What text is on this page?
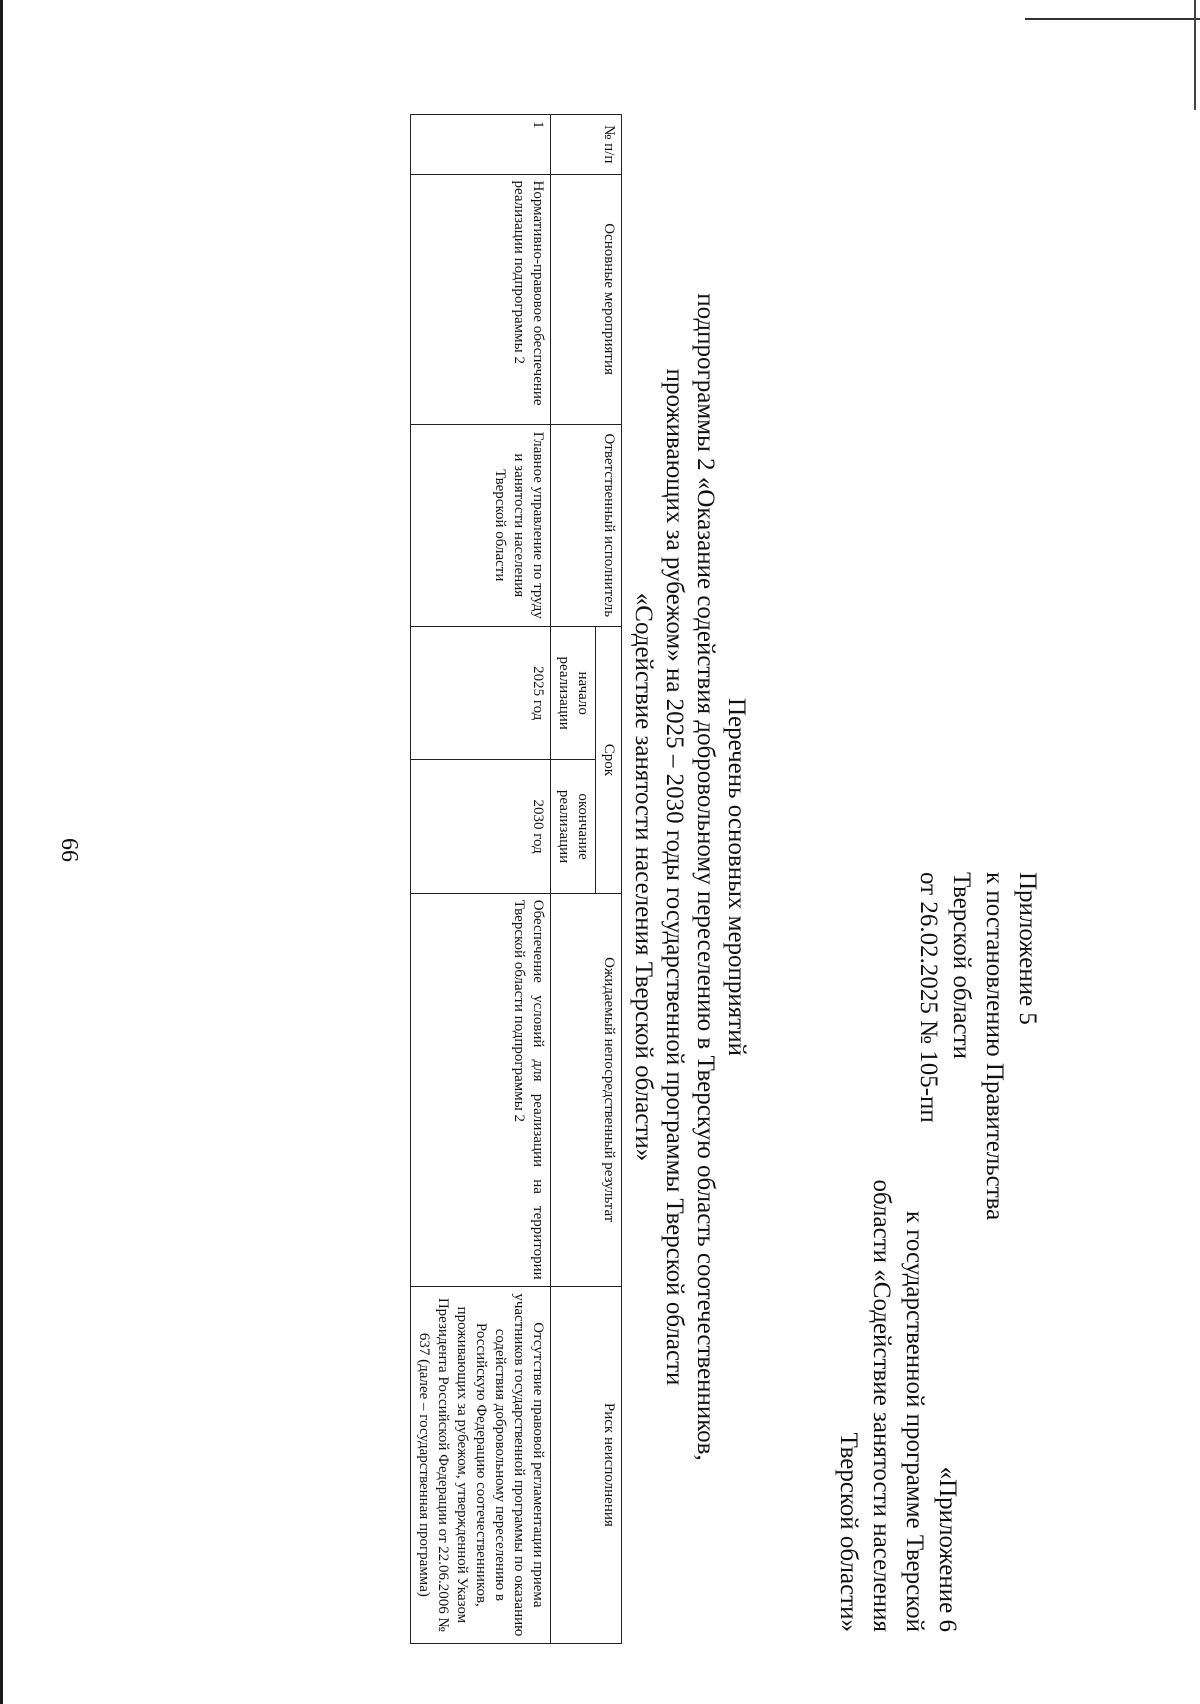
66
Приложение 5
к постановлению Правительства
Тверской области
от 26.02.2025 № 105-пп
«Приложение 6
к государственной программе Тверской
области «Содействие занятости населения
Тверской области»
Перечень основных мероприятий
подпрограммы 2 «Оказание содействия добровольному переселению в Тверскую область соотечественников,
проживающих за рубежом» на 2025 – 2030 годы государственной программы Тверской области
«Содействие занятости населения Тверской области»
№ п/п	Основные мероприятия	Ответственный исполнитель	Срок		Ожидаемый непосредственный результат	Риск неисполнения
			начало реализации	окончание реализации		
1	Нормативно-правовое обеспечение реализации подпрограммы 2	Главное управление по труду и занятости населения Тверской области	2025 год	2030 год	Обеспечение условий для реализации на территории Тверской области подпрограммы 2	Отсутствие правовой регламентации приема участников государственной программы по оказанию содействия добровольному переселению в Российскую Федерацию соотечественников, проживающих за рубежом, утвержденной Указом Президента Российской Федерации от 22.06.2006 № 637 (далее – государственная программа)
